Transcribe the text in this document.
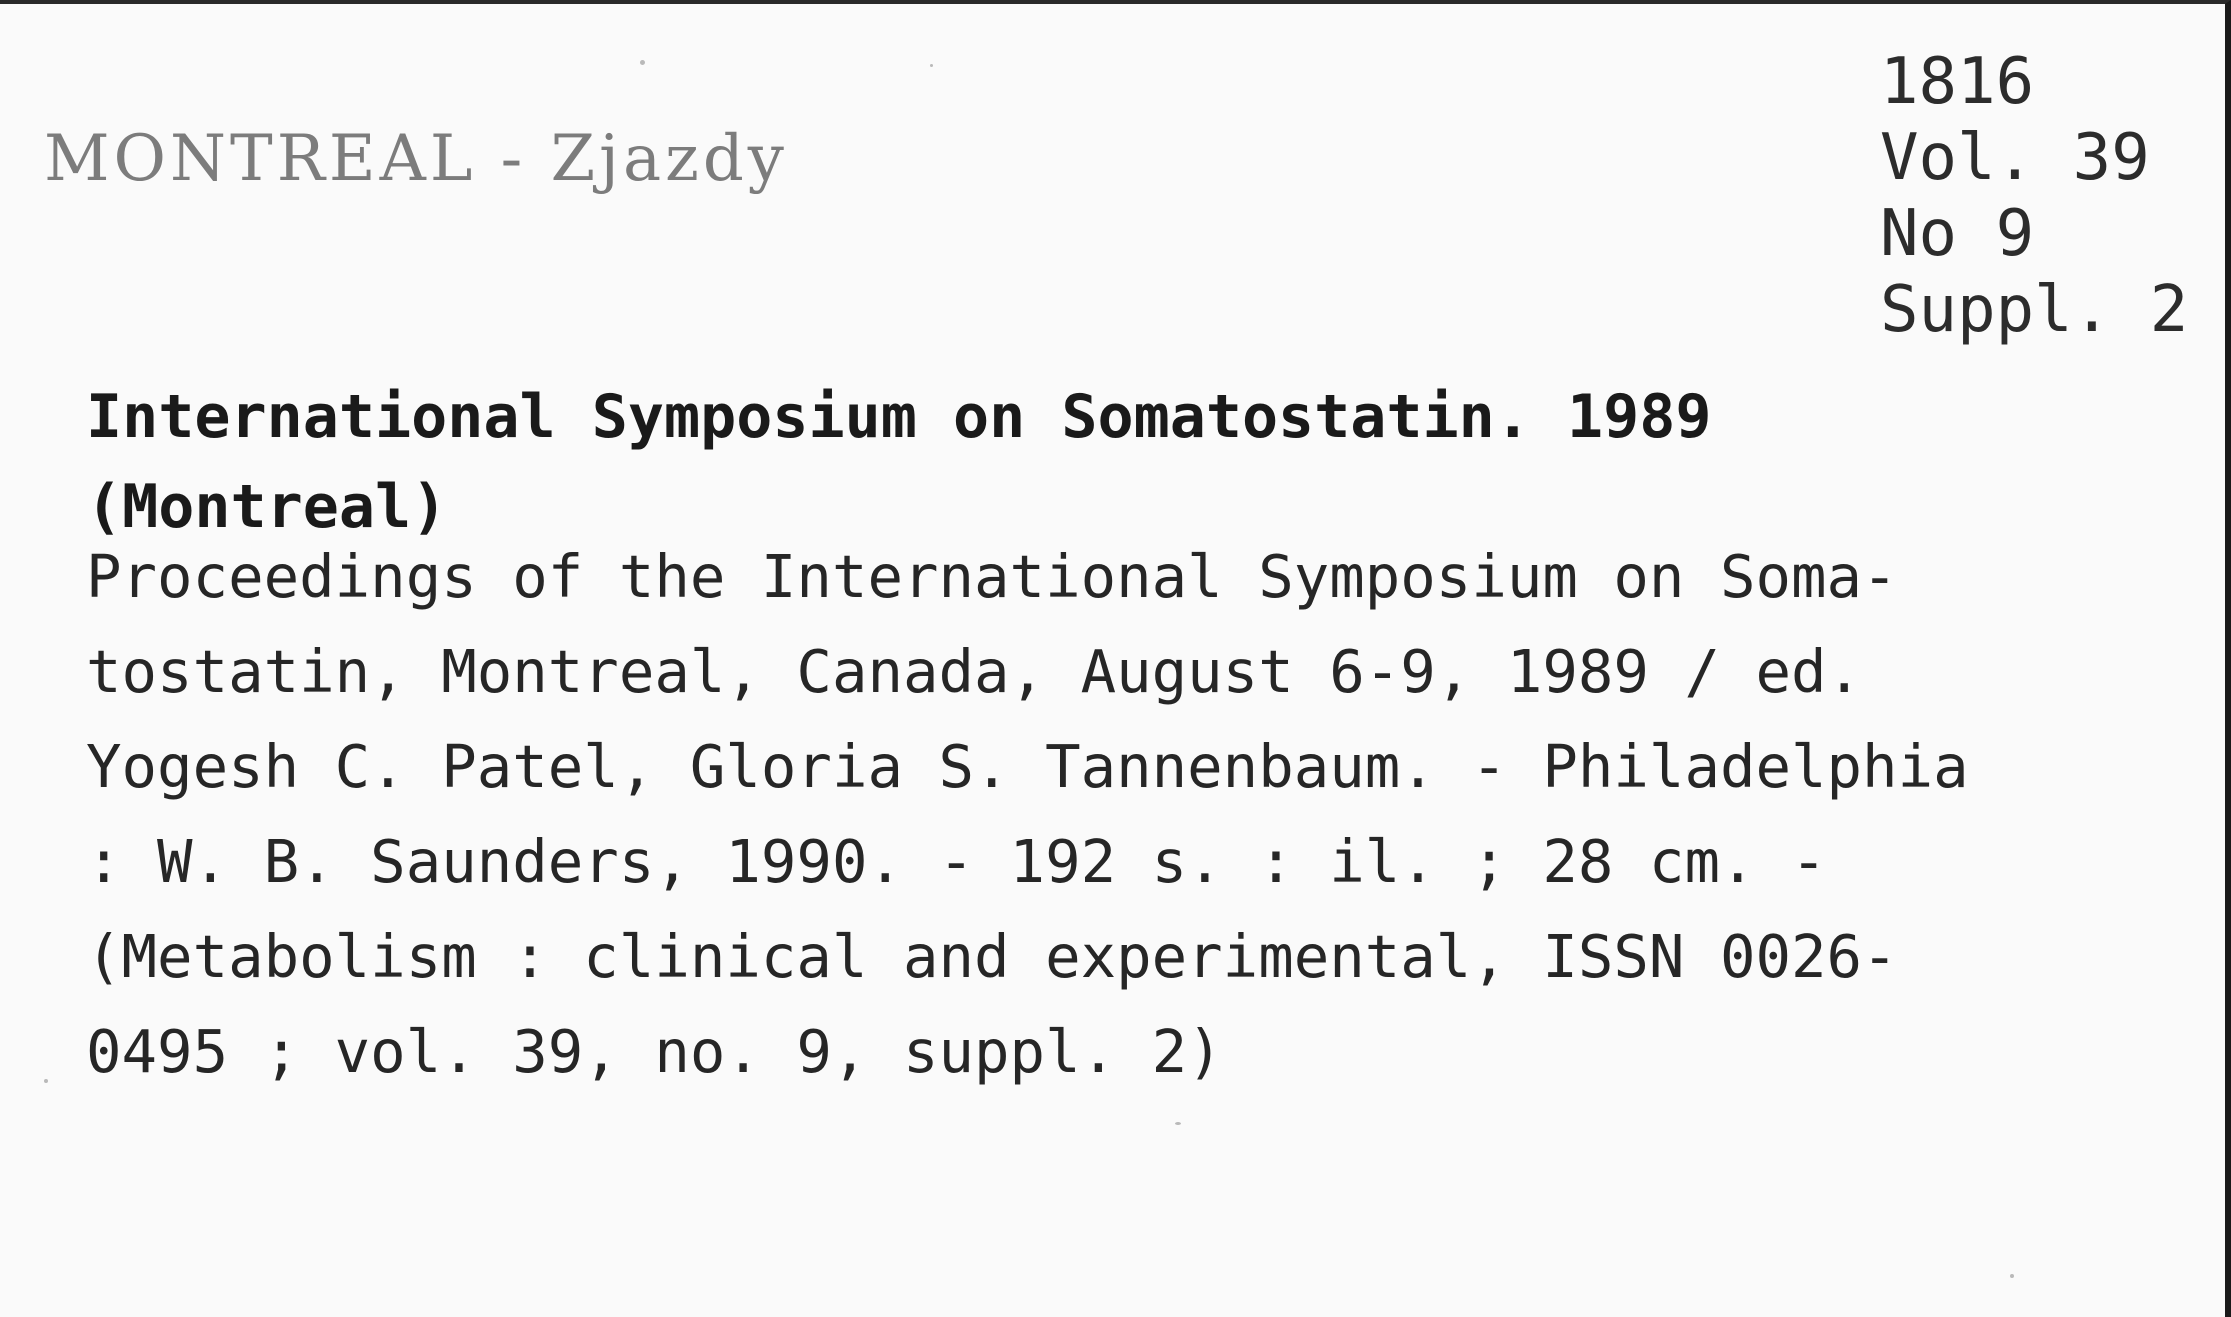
MONTREAL - Zjazdy
1816
Vol. 39
No 9
Suppl. 2
International Symposium on Somatostatin. 1989
(Montreal)
Proceedings of the International Symposium on Soma-
tostatin, Montreal, Canada, August 6-9, 1989 / ed.
Yogesh C. Patel, Gloria S. Tannenbaum. - Philadelphia
: W. B. Saunders, 1990. - 192 s. : il. ; 28 cm. -
(Metabolism : clinical and experimental, ISSN 0026-
0495 ; vol. 39, no. 9, suppl. 2)
